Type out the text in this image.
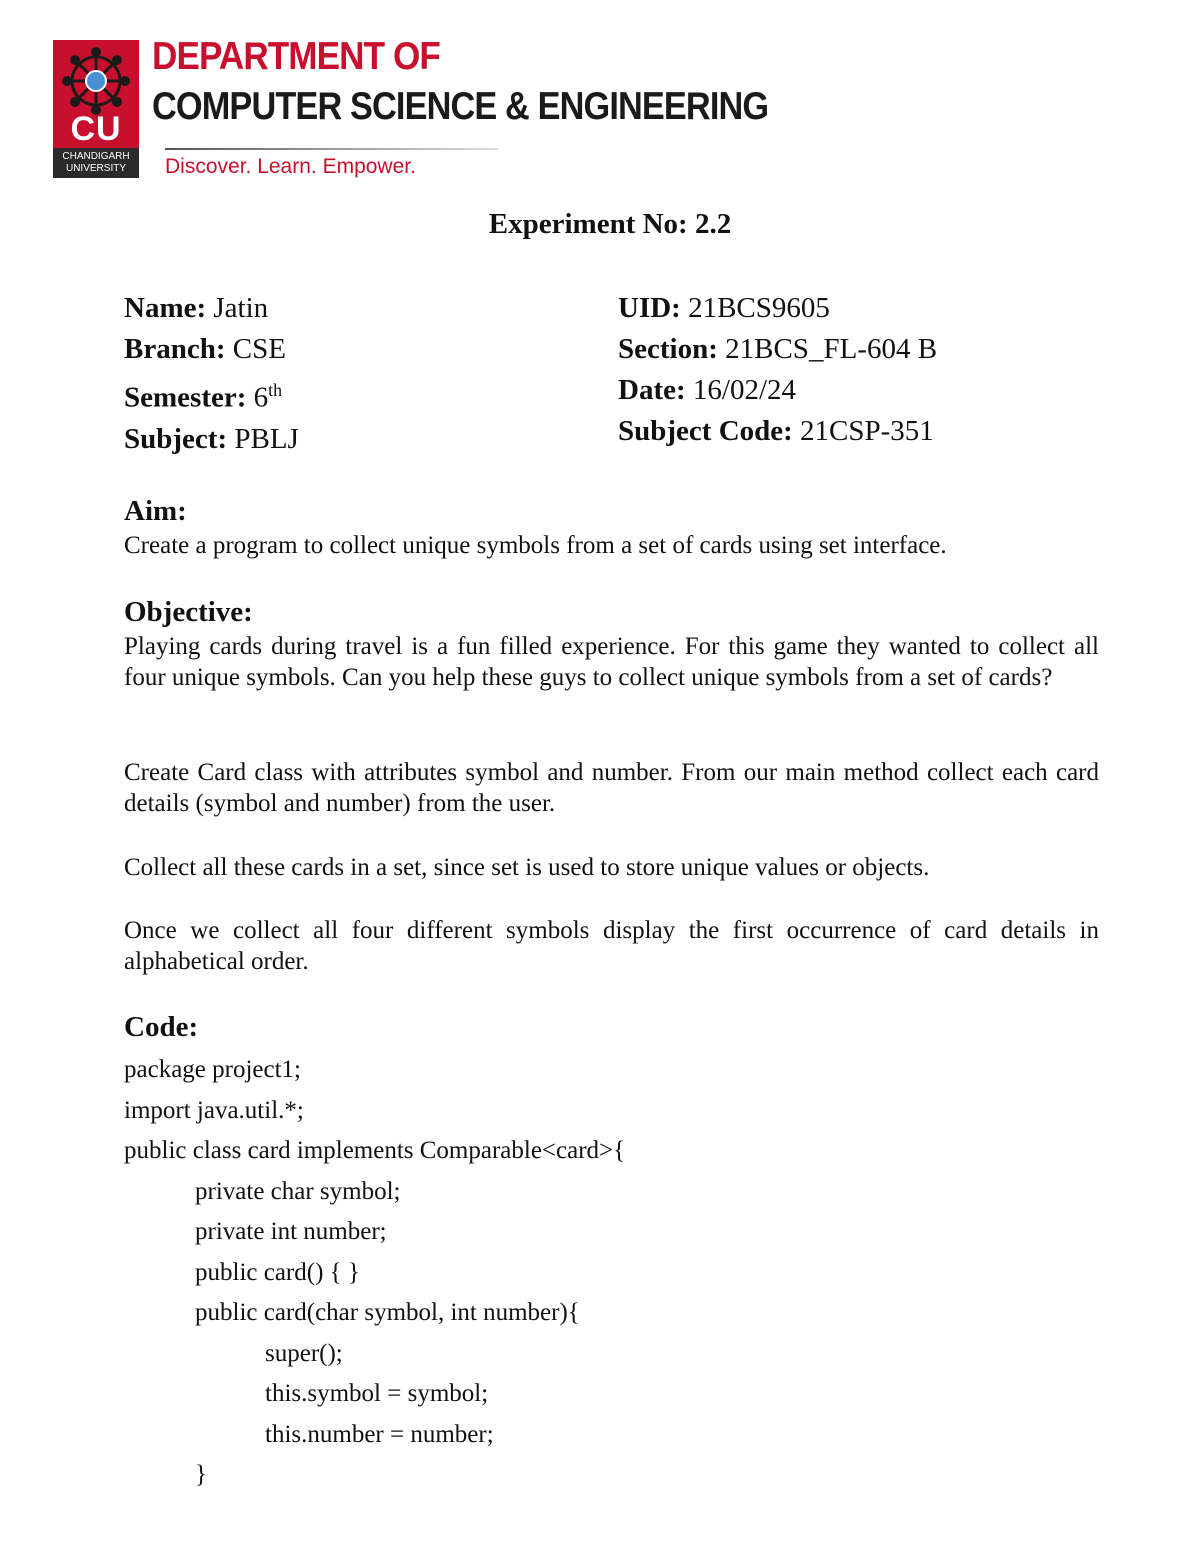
CU
CHANDIGARH
UNIVERSITY
DEPARTMENT OF
COMPUTER SCIENCE & ENGINEERING
Discover. Learn. Empower.
Experiment No: 2.2
Name: Jatin
Branch: CSE
Semester: 6th
Subject: PBLJ
UID: 21BCS9605
Section: 21BCS_FL-604 B
Date: 16/02/24
Subject Code: 21CSP-351
Aim:

Create a program to collect unique symbols from a set of cards using set interface.

Objective:

Playing cards during travel is a fun filled experience. For this game they wanted to collect all four unique symbols. Can you help these guys to collect unique symbols from a set of cards?

Create Card class with attributes symbol and number. From our main method collect each card details (symbol and number) from the user.

Collect all these cards in a set, since set is used to store unique values or objects.

Once we collect all four different symbols display the first occurrence of card details in alphabetical order.

Code:
package project1;
import java.util.*;
public class card implements Comparable<card>{
private char symbol;
private int number;
public card() { }
public card(char symbol, int number){
super();
this.symbol = symbol;
this.number = number;
}
